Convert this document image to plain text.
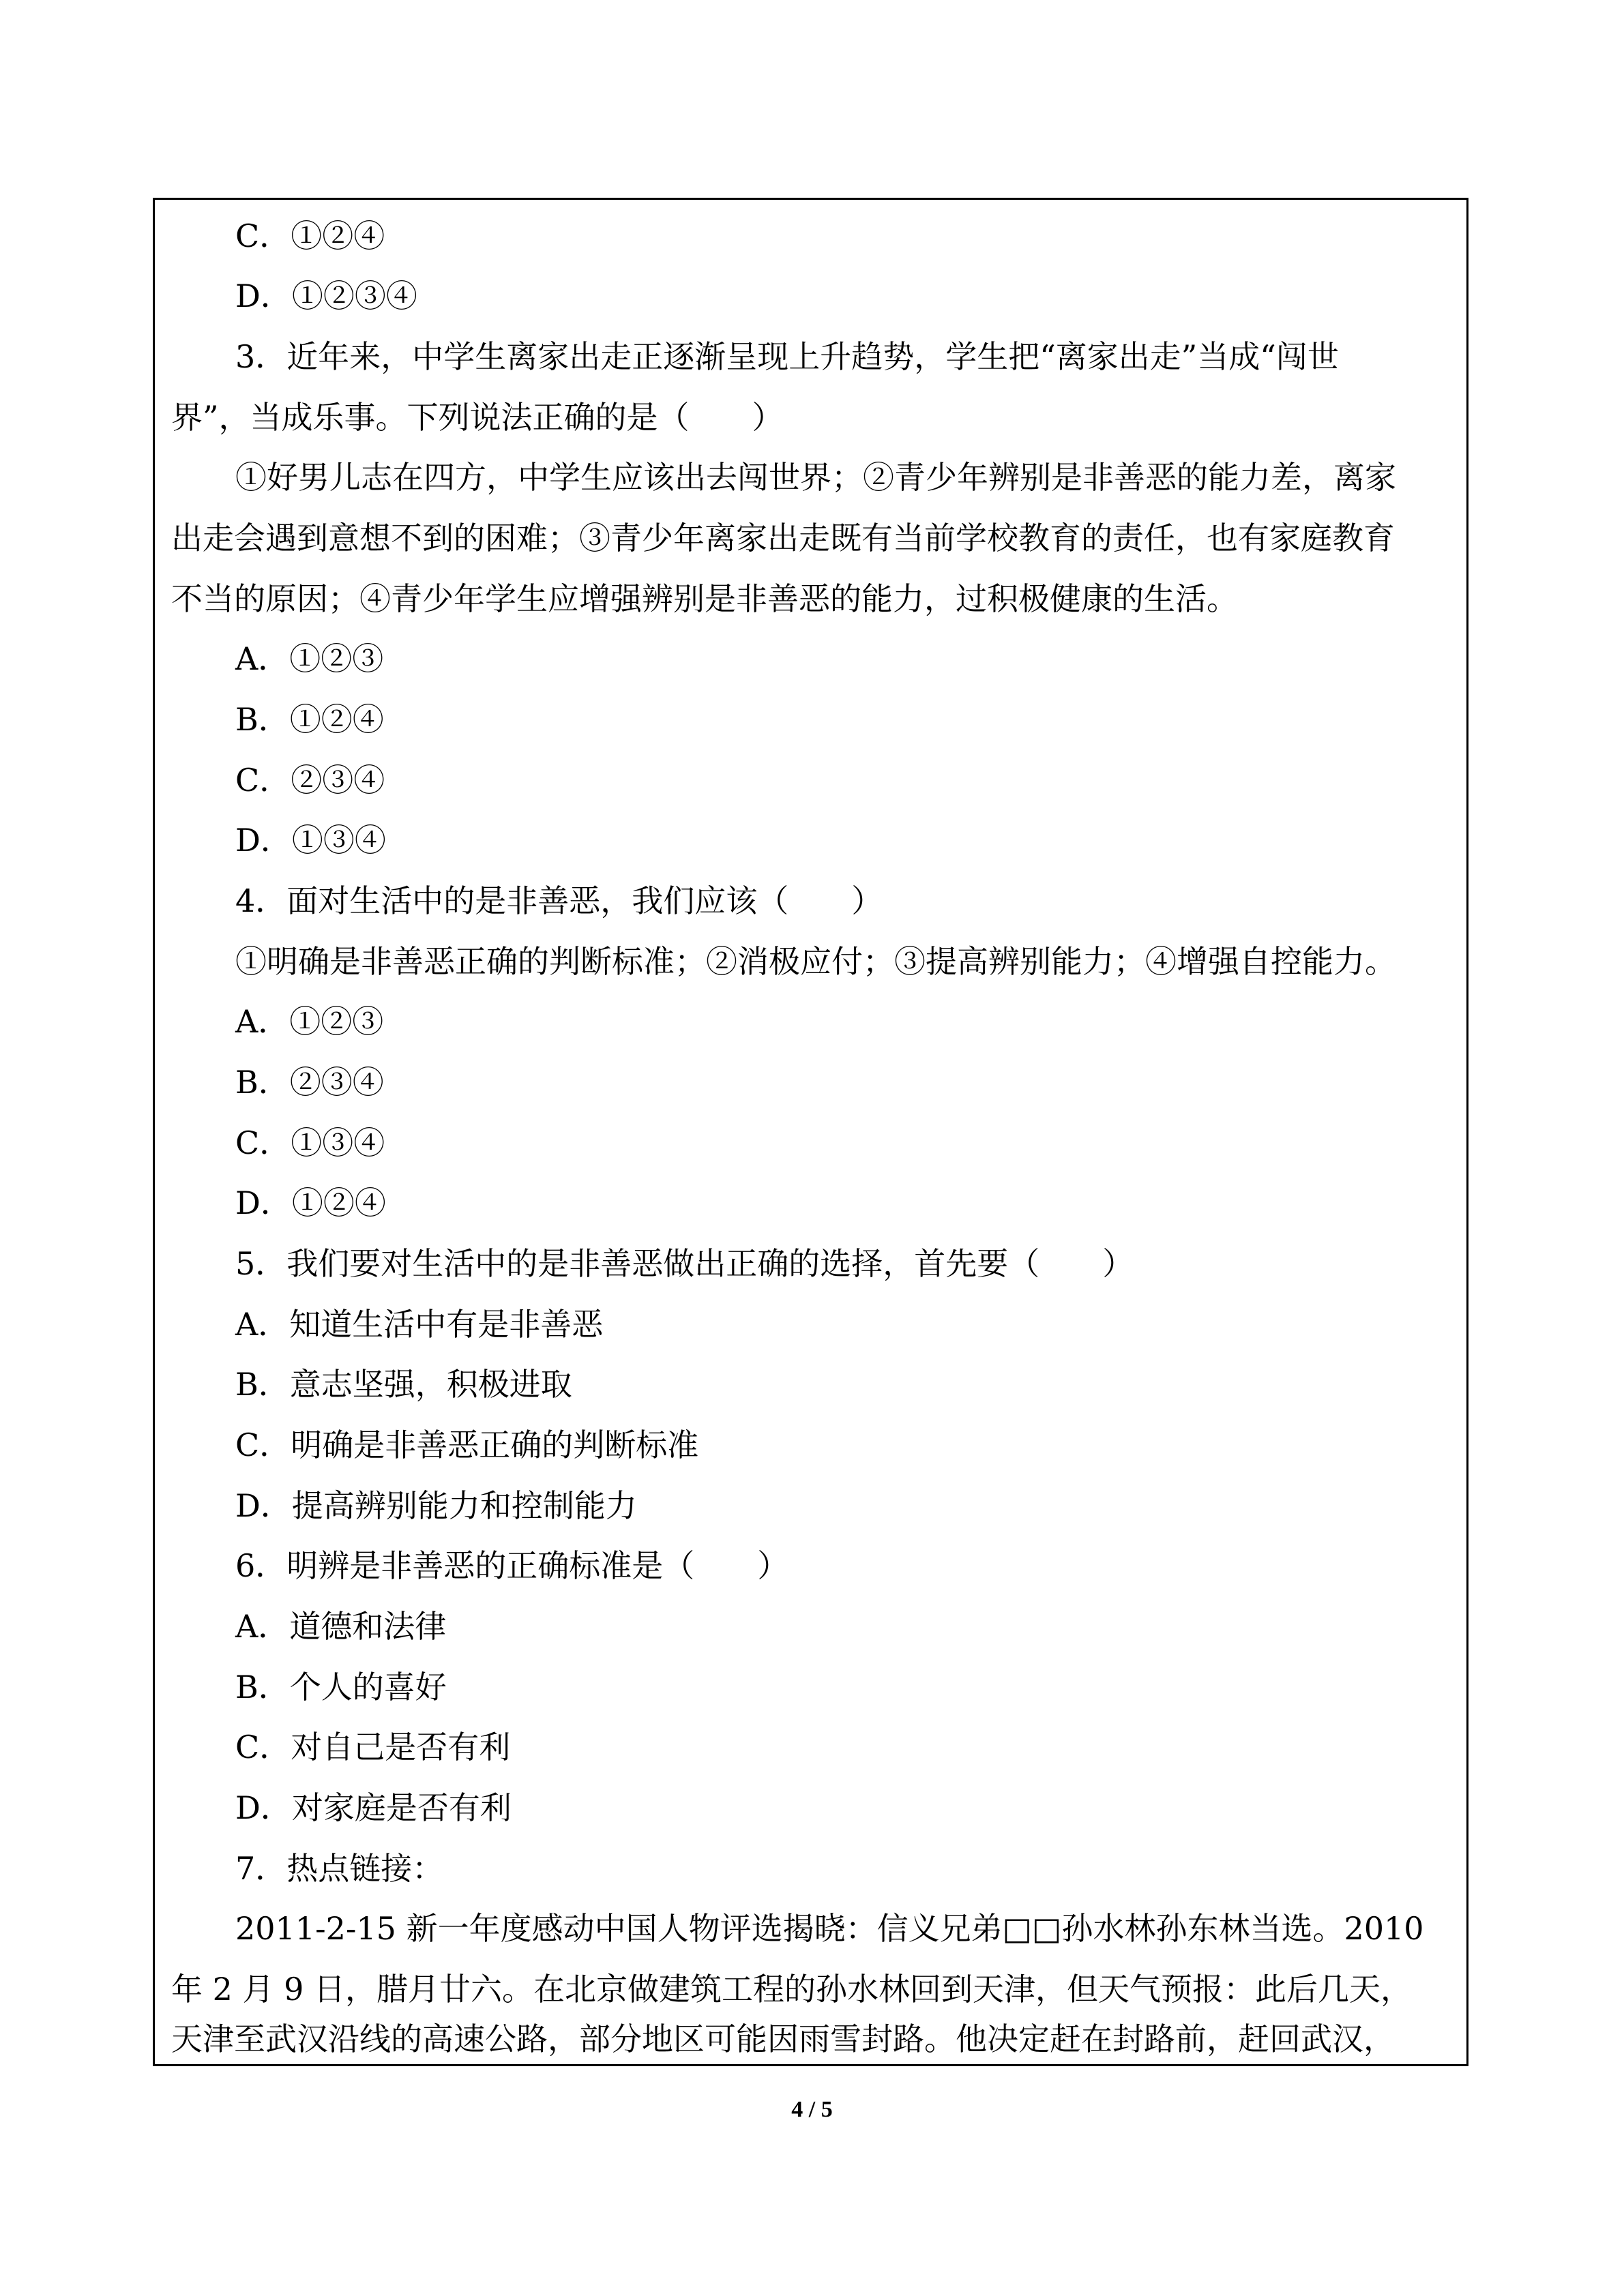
C．①②④
D．①②③④
3．近年来，中学生离家出走正逐渐呈现上升趋势，学生把“离家出走”当成“闯世
界”，当成乐事。下列说法正确的是（　　）
①好男儿志在四方，中学生应该出去闯世界；②青少年辨别是非善恶的能力差，离家
出走会遇到意想不到的困难；③青少年离家出走既有当前学校教育的责任，也有家庭教育
不当的原因；④青少年学生应增强辨别是非善恶的能力，过积极健康的生活。
A．①②③
B．①②④
C．②③④
D．①③④
4．面对生活中的是非善恶，我们应该（　　）
①明确是非善恶正确的判断标准；②消极应付；③提高辨别能力；④增强自控能力。
A．①②③
B．②③④
C．①③④
D．①②④
5．我们要对生活中的是非善恶做出正确的选择，首先要（　　）
A．知道生活中有是非善恶
B．意志坚强，积极进取
C．明确是非善恶正确的判断标准
D．提高辨别能力和控制能力
6．明辨是非善恶的正确标准是（　　）
A．道德和法律
B．个人的喜好
C．对自己是否有利
D．对家庭是否有利
7．热点链接：
2011-2-15 新一年度感动中国人物评选揭晓：信义兄弟□□孙水林孙东林当选。2010
年 2 月 9 日，腊月廿六。在北京做建筑工程的孙水林回到天津，但天气预报：此后几天，
天津至武汉沿线的高速公路，部分地区可能因雨雪封路。他决定赶在封路前，赶回武汉，
4 / 5
